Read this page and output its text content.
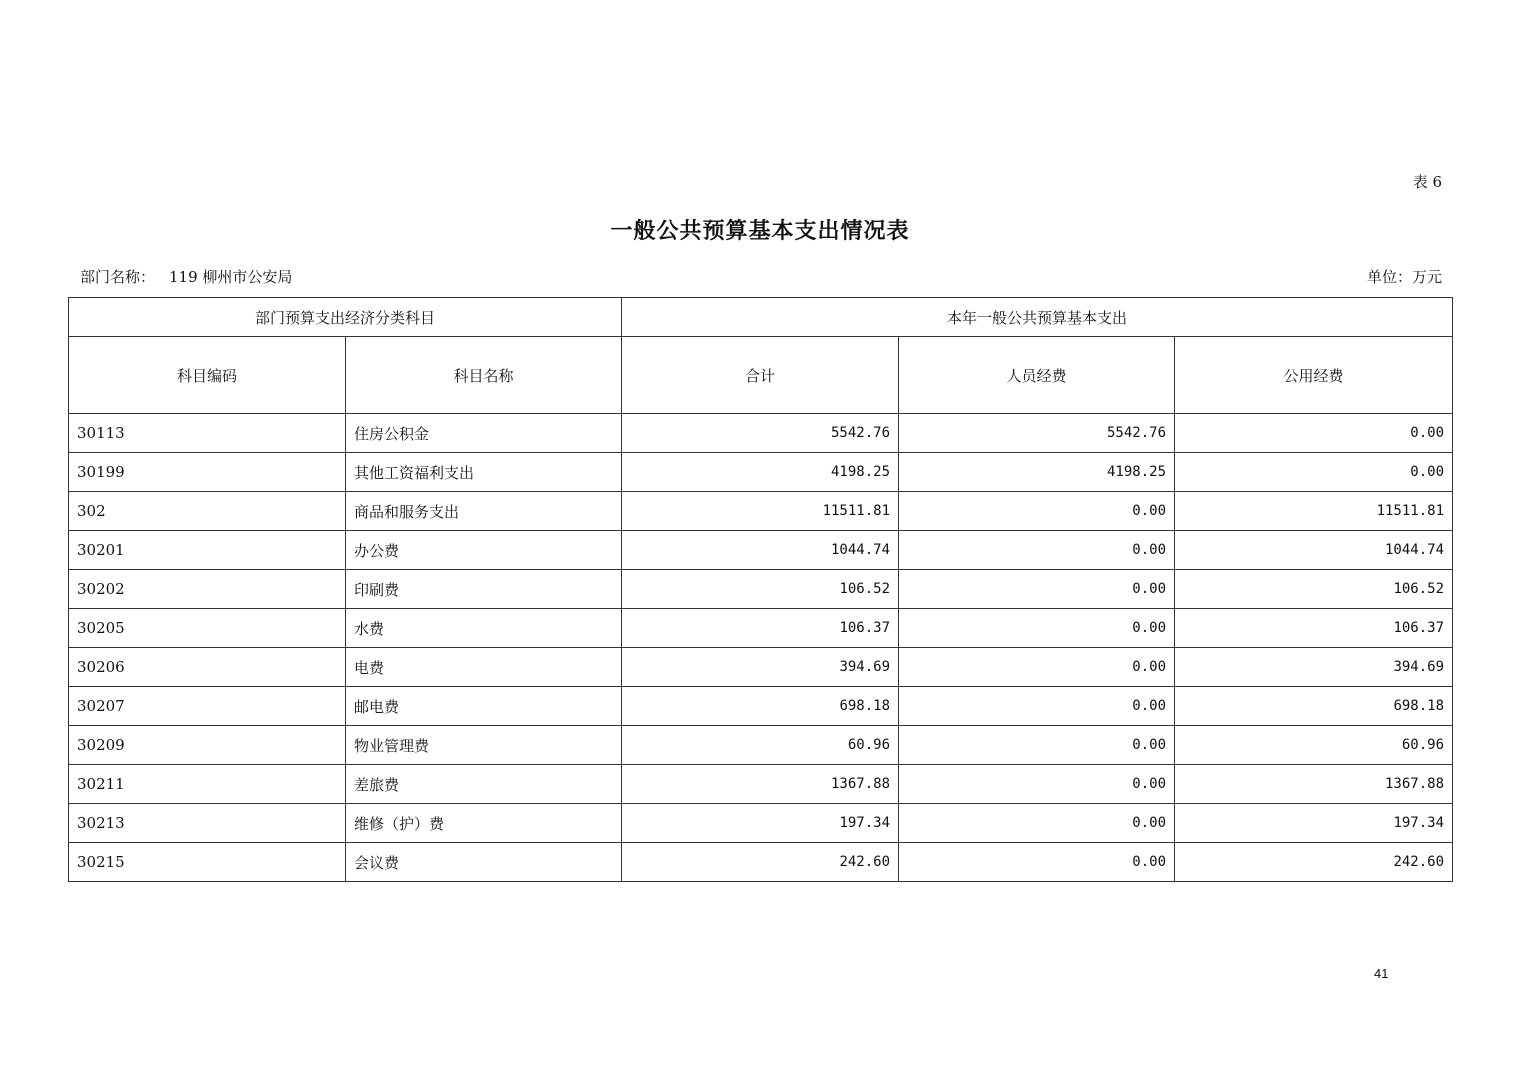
表 6
一般公共预算基本支出情况表
部门名称： 119 柳州市公安局	单位：万元
部门预算支出经济分类科目		本年一般公共预算基本支出		
科目编码	科目名称	合计	人员经费	公用经费
30113	住房公积金	5542.76	5542.76	0.00
30199	其他工资福利支出	4198.25	4198.25	0.00
302	商品和服务支出	11511.81	0.00	11511.81
30201	办公费	1044.74	0.00	1044.74
30202	印刷费	106.52	0.00	106.52
30205	水费	106.37	0.00	106.37
30206	电费	394.69	0.00	394.69
30207	邮电费	698.18	0.00	698.18
30209	物业管理费	60.96	0.00	60.96
30211	差旅费	1367.88	0.00	1367.88
30213	维修（护）费	197.34	0.00	197.34
30215	会议费	242.60	0.00	242.60
41
